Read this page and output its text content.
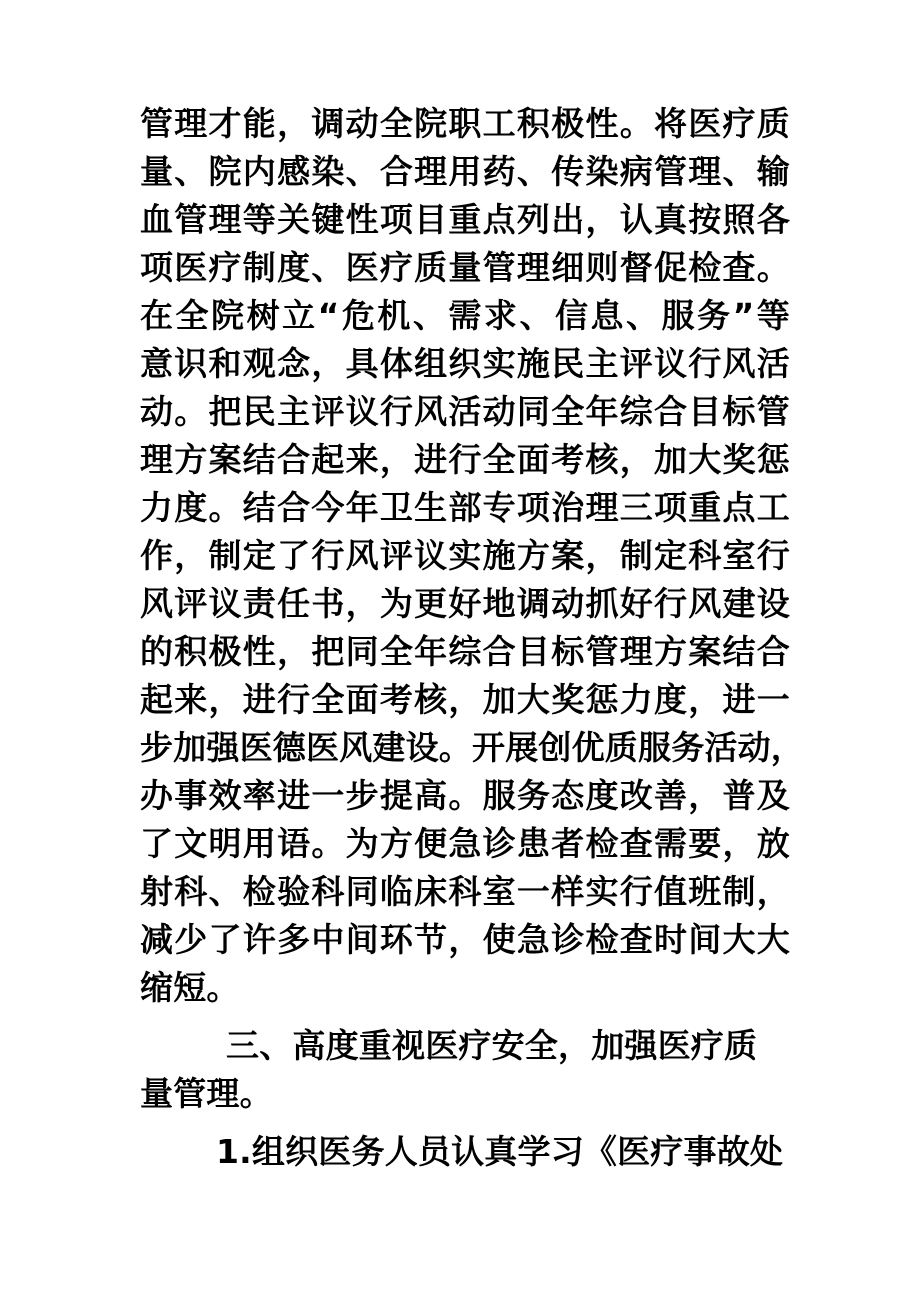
管理才能，调动全院职工积极性。将医疗质
量、院内感染、合理用药、传染病管理、输
血管理等关键性项目重点列出，认真按照各
项医疗制度、医疗质量管理细则督促检查。
在全院树立“危机、需求、信息、服务”等
意识和观念，具体组织实施民主评议行风活
动。把民主评议行风活动同全年综合目标管
理方案结合起来，进行全面考核，加大奖惩
力度。结合今年卫生部专项治理三项重点工
作，制定了行风评议实施方案，制定科室行
风评议责任书，为更好地调动抓好行风建设
的积极性，把同全年综合目标管理方案结合
起来，进行全面考核，加大奖惩力度，进一
步加强医德医风建设。开展创优质服务活动，
办事效率进一步提高。服务态度改善，普及
了文明用语。为方便急诊患者检查需要，放
射科、检验科同临床科室一样实行值班制，
减少了许多中间环节，使急诊检查时间大大
缩短。
三、高度重视医疗安全，加强医疗质
量管理。
1.组织医务人员认真学习《医疗事故处
